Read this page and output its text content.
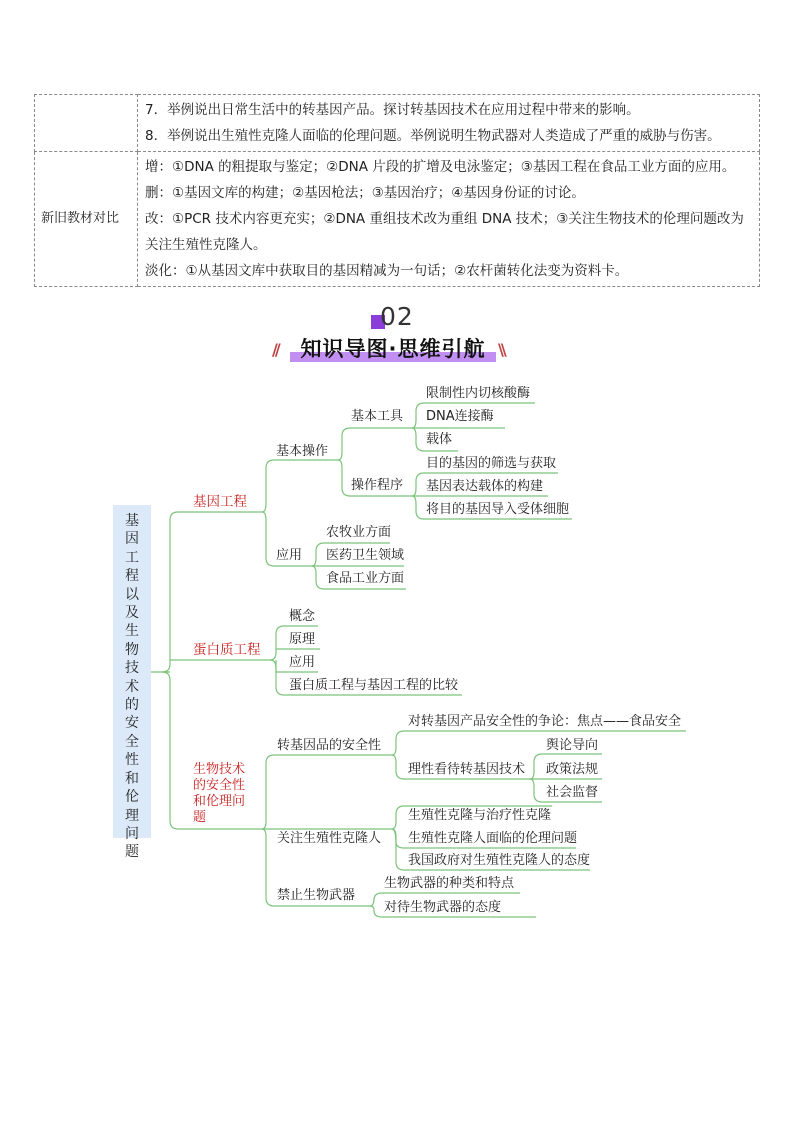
	7．举例说出日常生活中的转基因产品。探讨转基因技术在应用过程中带来的影响。

8．举例说出生殖性克隆人面临的伦理问题。举例说明生物武器对人类造成了严重的威胁与伤害。

新旧教材对比	增：①DNA 的粗提取与鉴定；②DNA 片段的扩增及电泳鉴定；③基因工程在食品工业方面的应用。

删：①基因文库的构建；②基因枪法；③基因治疗；④基因身份证的讨论。

改：①PCR 技术内容更充实；②DNA 重组技术改为重组 DNA 技术；③关注生物技术的伦理问题改为关注生殖性克隆人。

淡化：①从基因文库中获取目的基因精减为一句话；②农杆菌转化法变为资料卡。

02
//	知识导图·思维引航 \\
基因工程以及生物技术的安全性和伦理问题
基因工程
基本操作
基本工具
限制性内切核酸酶
DNA连接酶
载体
操作程序
目的基因的筛选与获取
基因表达载体的构建
将目的基因导入受体细胞
应用
农牧业方面
医药卫生领域
食品工业方面
蛋白质工程
概念
原理
应用
蛋白质工程与基因工程的比较
生物技术的安全性和伦理问题
转基因品的安全性
对转基因产品安全性的争论：焦点——食品安全
理性看待转基因技术
舆论导向
政策法规
社会监督
关注生殖性克隆人
生殖性克隆与治疗性克隆
生殖性克隆人面临的伦理问题
我国政府对生殖性克隆人的态度
禁止生物武器
生物武器的种类和特点
对待生物武器的态度
